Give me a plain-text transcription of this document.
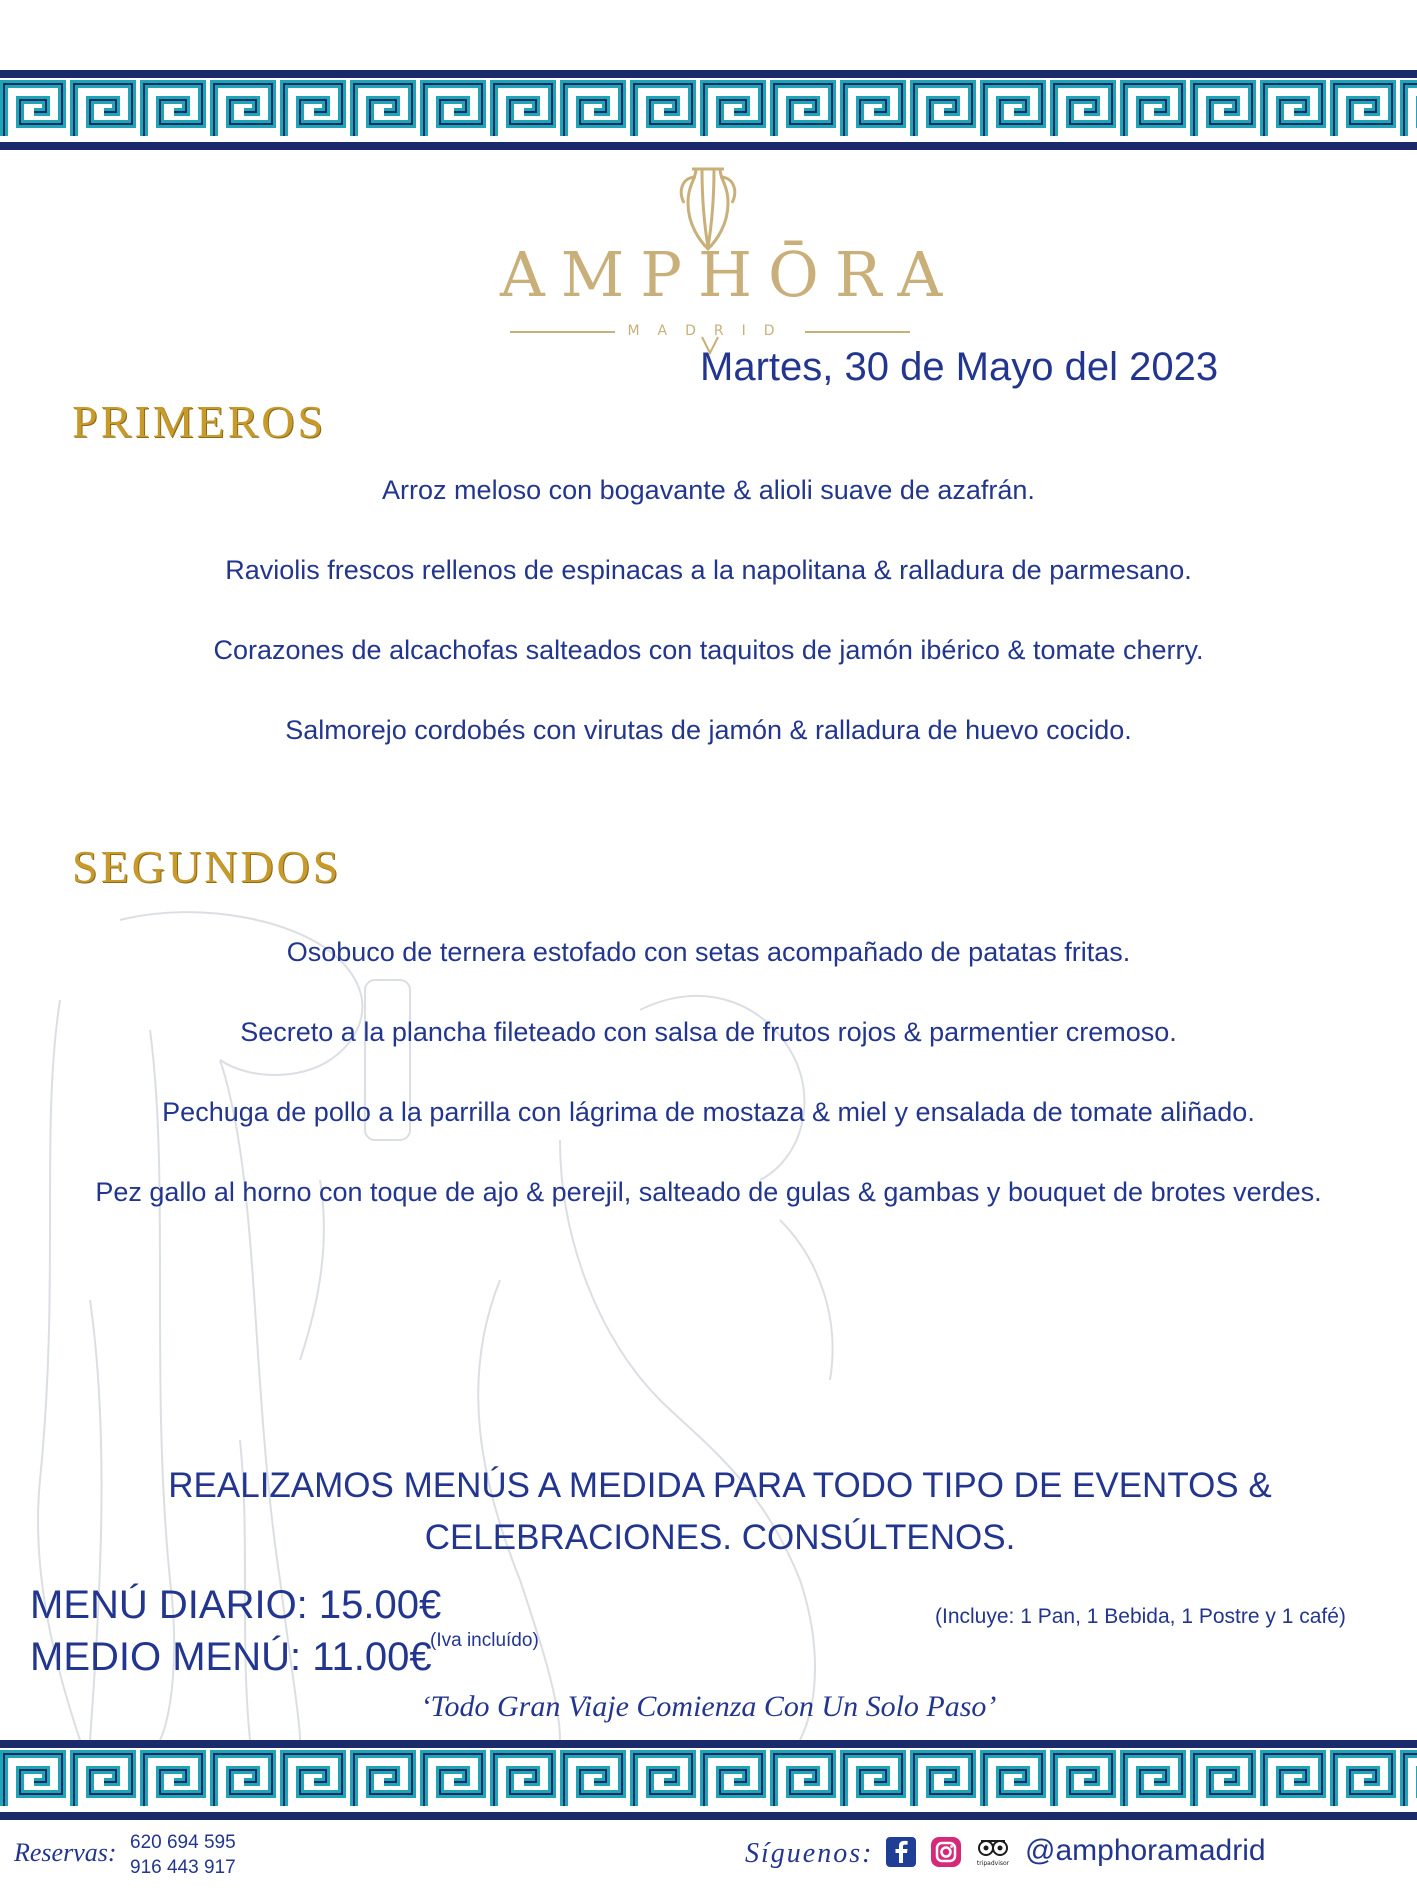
AMPHŌRA
MADRID
Martes, 30 de Mayo del 2023
PRIMEROS
Arroz meloso con bogavante & alioli suave de azafrán.
Raviolis frescos rellenos de espinacas a la napolitana & ralladura de parmesano.
Corazones de alcachofas salteados con taquitos de jamón ibérico & tomate cherry.
Salmorejo cordobés con virutas de jamón & ralladura de huevo cocido.
SEGUNDOS
Osobuco de ternera estofado con setas acompañado de patatas fritas.
Secreto a la plancha fileteado con salsa de frutos rojos & parmentier cremoso.
Pechuga de pollo a la parrilla con lágrima de mostaza & miel y ensalada de tomate aliñado.
Pez gallo al horno con toque de ajo & perejil, salteado de gulas & gambas y bouquet de brotes verdes.
REALIZAMOS MENÚS A MEDIDA PARA TODO TIPO DE EVENTOS &
CELEBRACIONES. CONSÚLTENOS.
MENÚ DIARIO: 15.00€
MEDIO MENÚ: 11.00€
(Iva incluído)
(Incluye: 1 Pan, 1 Bebida, 1 Postre y 1 café)
‘Todo Gran Viaje Comienza Con Un Solo Paso’
Reservas: 620 694 595
916 443 917	Síguenos:	tripadvisor @amphoramadrid
